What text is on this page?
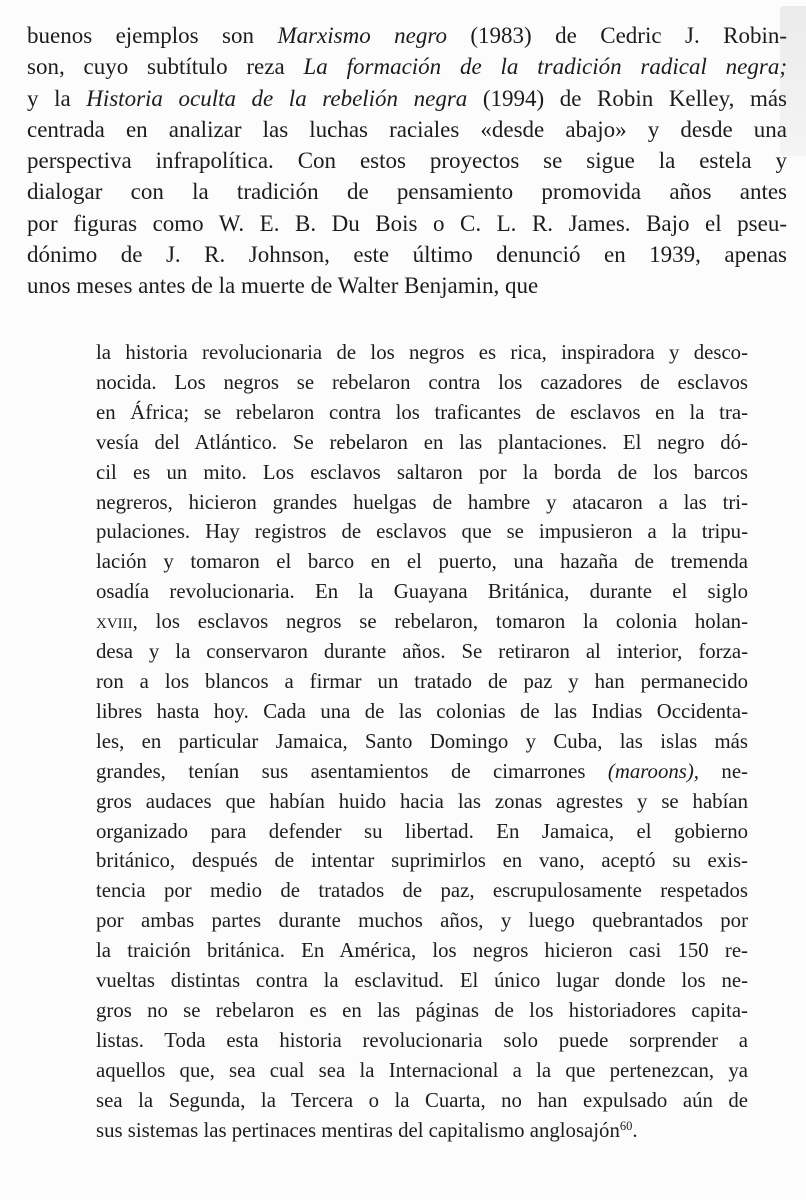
buenos ejemplos son Marxismo negro (1983) de Cedric J. Robin-
son, cuyo subtítulo reza La formación de la tradición radical negra;
y la Historia oculta de la rebelión negra (1994) de Robin Kelley, más
centrada en analizar las luchas raciales «desde abajo» y desde una
perspectiva infrapolítica. Con estos proyectos se sigue la estela y
dialogar con la tradición de pensamiento promovida años antes
por figuras como W. E. B. Du Bois o C. L. R. James. Bajo el pseu-
dónimo de J. R. Johnson, este último denunció en 1939, apenas
unos meses antes de la muerte de Walter Benjamin, que
la historia revolucionaria de los negros es rica, inspiradora y desco-
nocida. Los negros se rebelaron contra los cazadores de esclavos
en África; se rebelaron contra los traficantes de esclavos en la tra-
vesía del Atlántico. Se rebelaron en las plantaciones. El negro dó-
cil es un mito. Los esclavos saltaron por la borda de los barcos
negreros, hicieron grandes huelgas de hambre y atacaron a las tri-
pulaciones. Hay registros de esclavos que se impusieron a la tripu-
lación y tomaron el barco en el puerto, una hazaña de tremenda
osadía revolucionaria. En la Guayana Británica, durante el siglo
xviii, los esclavos negros se rebelaron, tomaron la colonia holan-
desa y la conservaron durante años. Se retiraron al interior, forza-
ron a los blancos a firmar un tratado de paz y han permanecido
libres hasta hoy. Cada una de las colonias de las Indias Occidenta-
les, en particular Jamaica, Santo Domingo y Cuba, las islas más
grandes, tenían sus asentamientos de cimarrones (maroons), ne-
gros audaces que habían huido hacia las zonas agrestes y se habían
organizado para defender su libertad. En Jamaica, el gobierno
británico, después de intentar suprimirlos en vano, aceptó su exis-
tencia por medio de tratados de paz, escrupulosamente respetados
por ambas partes durante muchos años, y luego quebrantados por
la traición británica. En América, los negros hicieron casi 150 re-
vueltas distintas contra la esclavitud. El único lugar donde los ne-
gros no se rebelaron es en las páginas de los historiadores capita-
listas. Toda esta historia revolucionaria solo puede sorprender a
aquellos que, sea cual sea la Internacional a la que pertenezcan, ya
sea la Segunda, la Tercera o la Cuarta, no han expulsado aún de
sus sistemas las pertinaces mentiras del capitalismo anglosajón$^{60}$.
